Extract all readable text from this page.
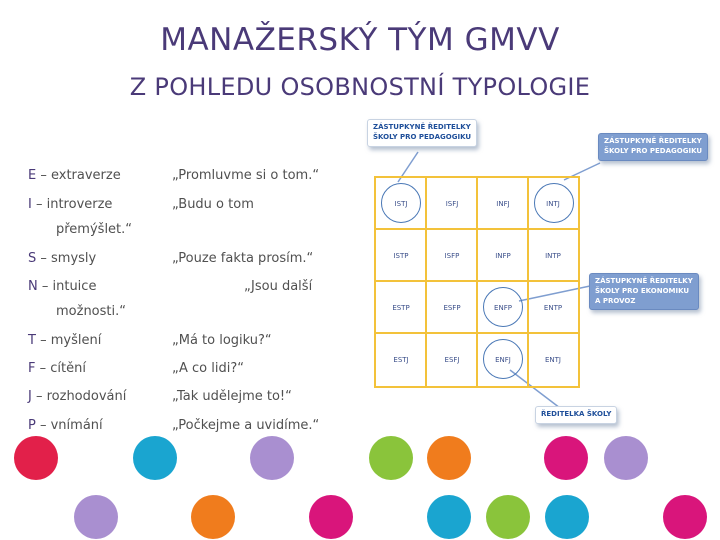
MANAŽERSKÝ TÝM GMVV
Z POHLEDU OSOBNOSTNÍ TYPOLOGIE
E – extraverze	„Promluvme si o tom.“
I – introverze	„Budu o tom
přemýšlet.“
S – smysly	„Pouze fakta prosím.“
N – intuice	„Jsou další
možnosti.“
T – myšlení	„Má to logiku?“
F – cítění	„A co lidi?“
J – rozhodování	„Tak udělejme to!“
P – vnímání	„Počkejme a uvidíme.“
ISTJ	ISFJ	INFJ	INTJ
ISTP	ISFP	INFP	INTP
ESTP	ESFP	ENFP	ENTP
ESTJ	ESFJ	ENFJ	ENTJ
ZÁSTUPKYNĚ ŘEDITELKY
ŠKOLY PRO PEDAGOGIKU
ZÁSTUPKYNĚ ŘEDITELKY
ŠKOLY PRO PEDAGOGIKU
ZÁSTUPKYNĚ ŘEDITELKY
ŠKOLY PRO EKONOMIKU
A PROVOZ
ŘEDITELKA ŠKOLY
